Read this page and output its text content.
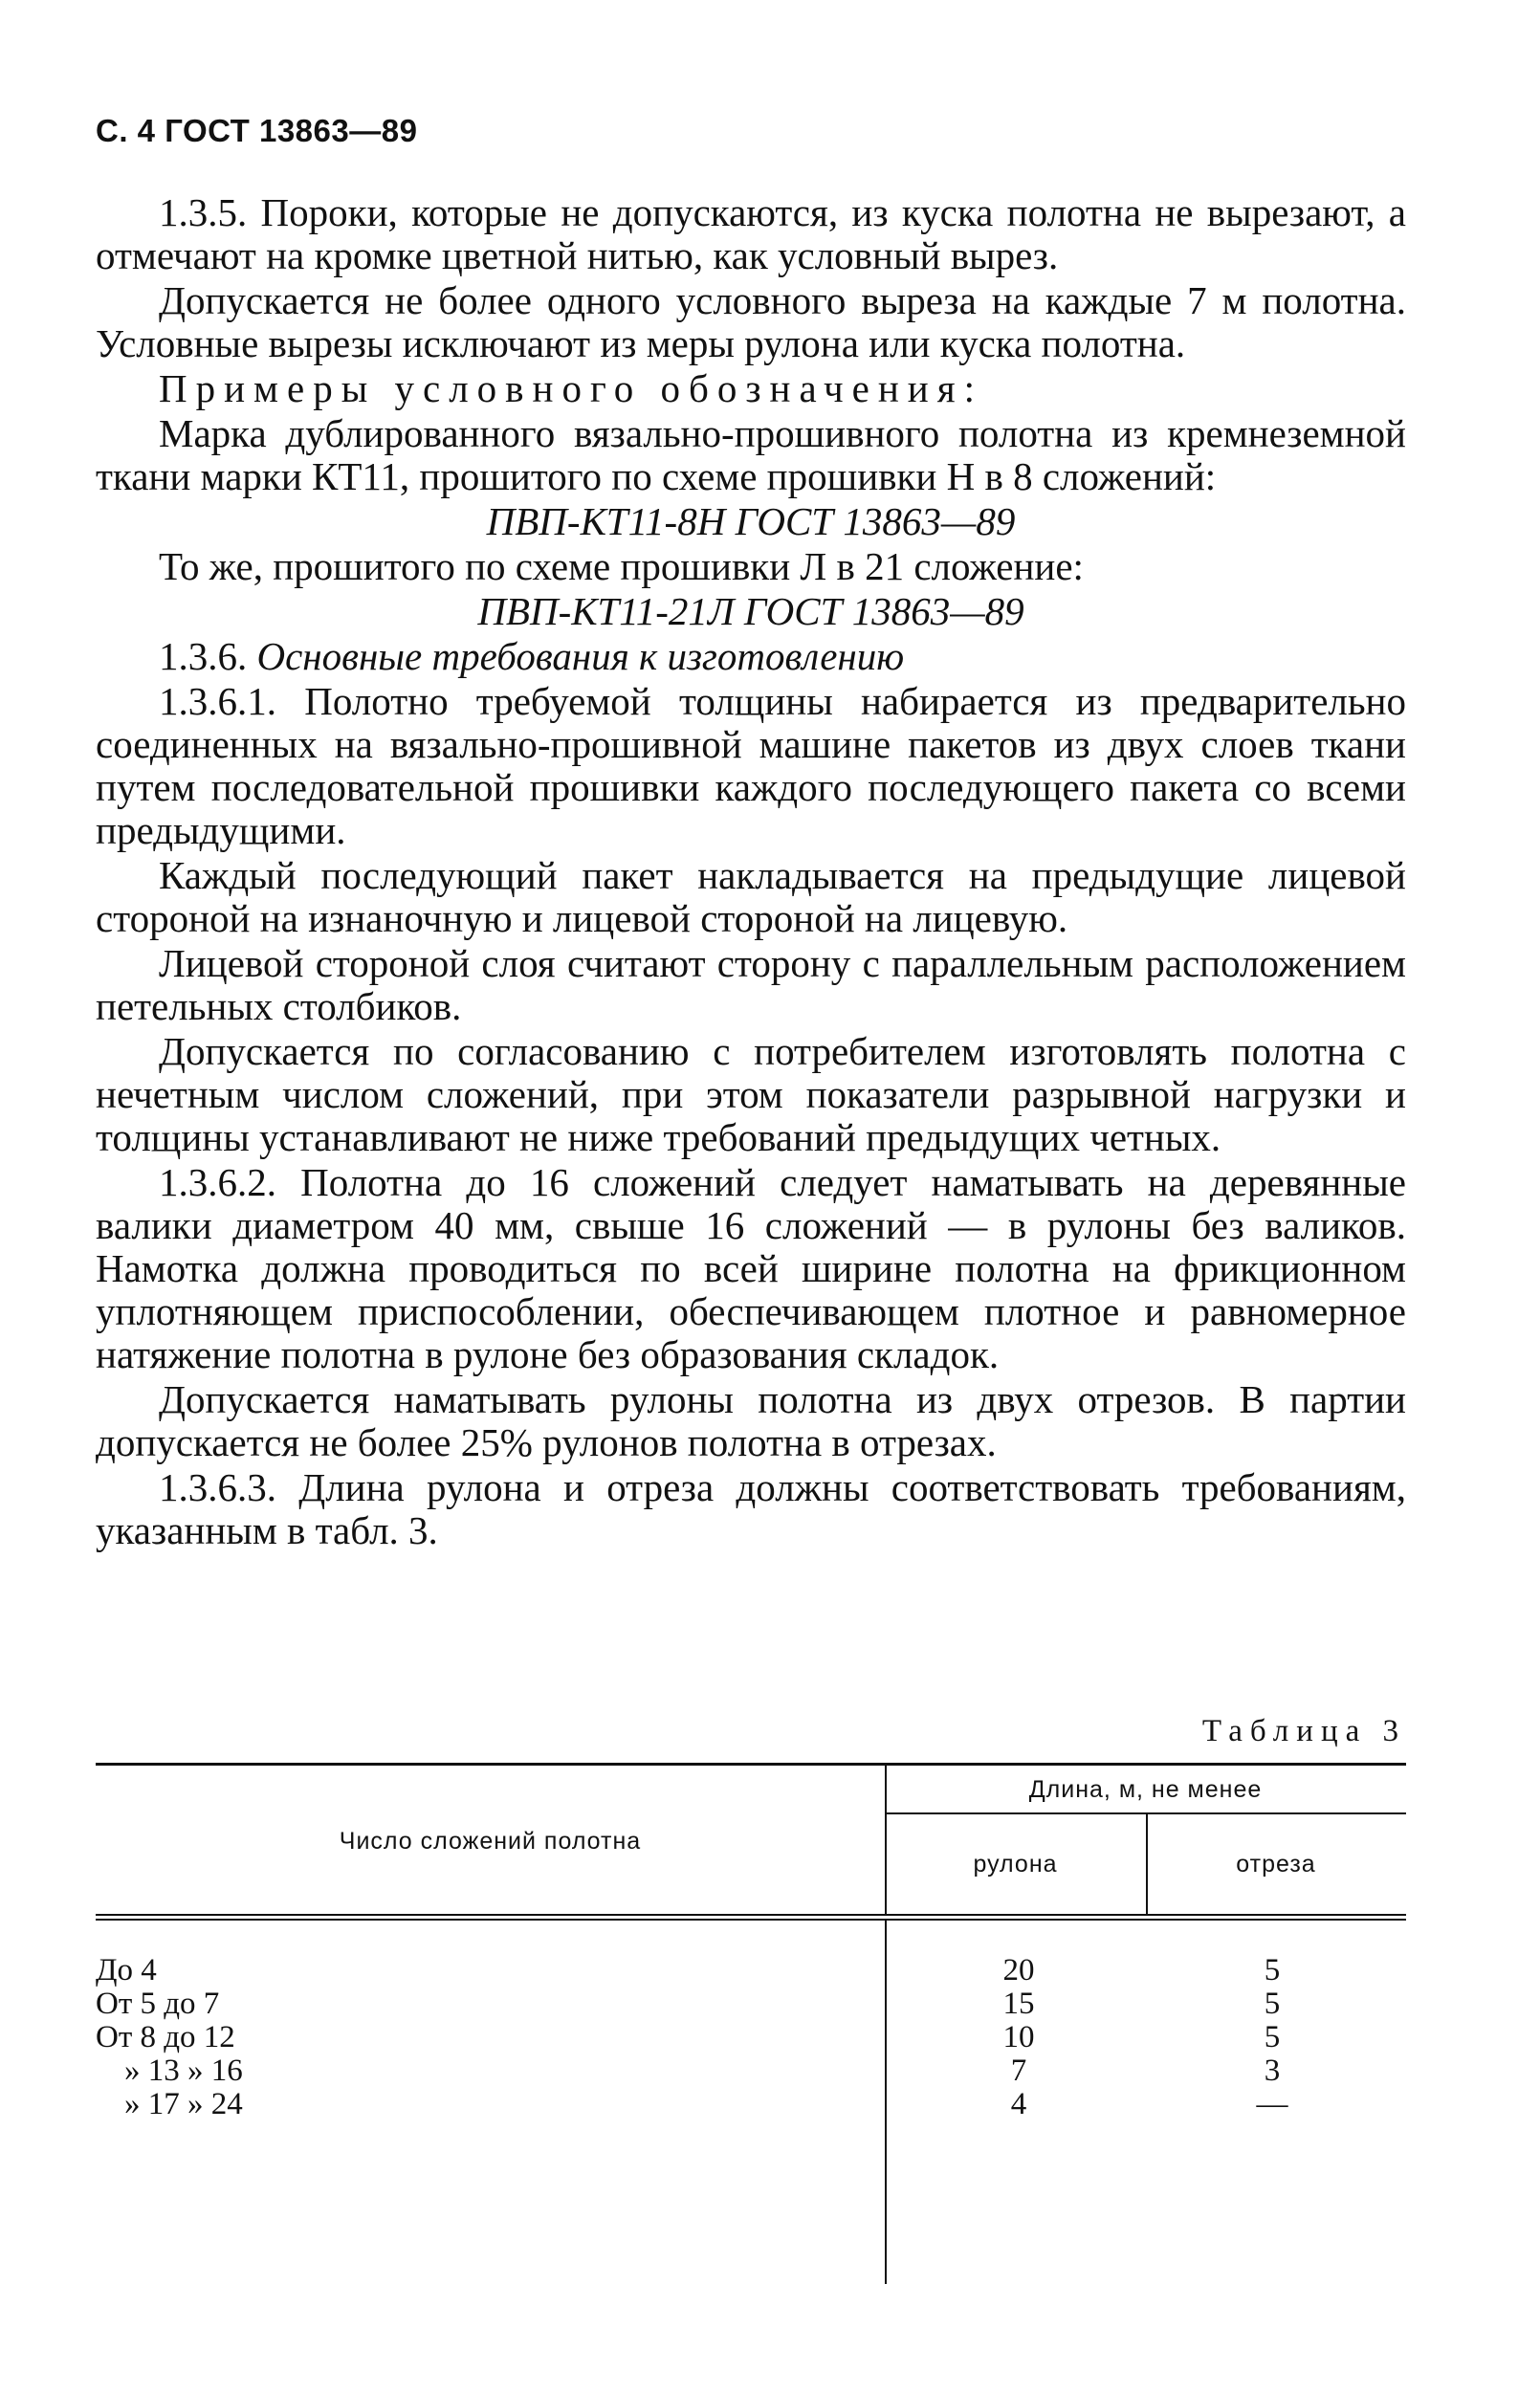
С. 4 ГОСТ 13863—89

1.3.5. Пороки, которые не допускаются, из куска полотна не вырезают, а отмечают на кромке цветной нитью, как условный вырез.

Допускается не более одного условного выреза на каждые 7 м полотна. Условные вырезы исключают из меры рулона или куска полотна.

Примеры условного обозначения:

Марка дублированного вязально-прошивного полотна из кремнеземной ткани марки КТ11, прошитого по схеме прошивки Н в 8 сложений:

ПВП-КТ11-8Н ГОСТ 13863—89

То же, прошитого по схеме прошивки Л в 21 сложение:

ПВП-КТ11-21Л ГОСТ 13863—89

1.3.6. Основные требования к изготовлению

1.3.6.1. Полотно требуемой толщины набирается из предварительно соединенных на вязально-прошивной машине пакетов из двух слоев ткани путем последовательной прошивки каждого последующего пакета со всеми предыдущими.

Каждый последующий пакет накладывается на предыдущие лицевой стороной на изнаночную и лицевой стороной на лицевую.

Лицевой стороной слоя считают сторону с параллельным расположением петельных столбиков.

Допускается по согласованию с потребителем изготовлять полотна с нечетным числом сложений, при этом показатели разрывной нагрузки и толщины устанавливают не ниже требований предыдущих четных.

1.3.6.2. Полотна до 16 сложений следует наматывать на деревянные валики диаметром 40 мм, свыше 16 сложений — в рулоны без валиков. Намотка должна проводиться по всей ширине полотна на фрикционном уплотняющем приспособлении, обеспечивающем плотное и равномерное натяжение полотна в рулоне без образования складок.

Допускается наматывать рулоны полотна из двух отрезов. В партии допускается не более 25% рулонов полотна в отрезах.

1.3.6.3. Длина рулона и отреза должны соответствовать требованиям, указанным в табл. 3.

Таблица 3
Число сложений полотна
Длина, м, не менее
рулона	отреза
До 4	20	5
От 5 до 7	15	5
От 8 до 12	10	5
» 13 » 16	7	3
» 17 » 24	4	—
